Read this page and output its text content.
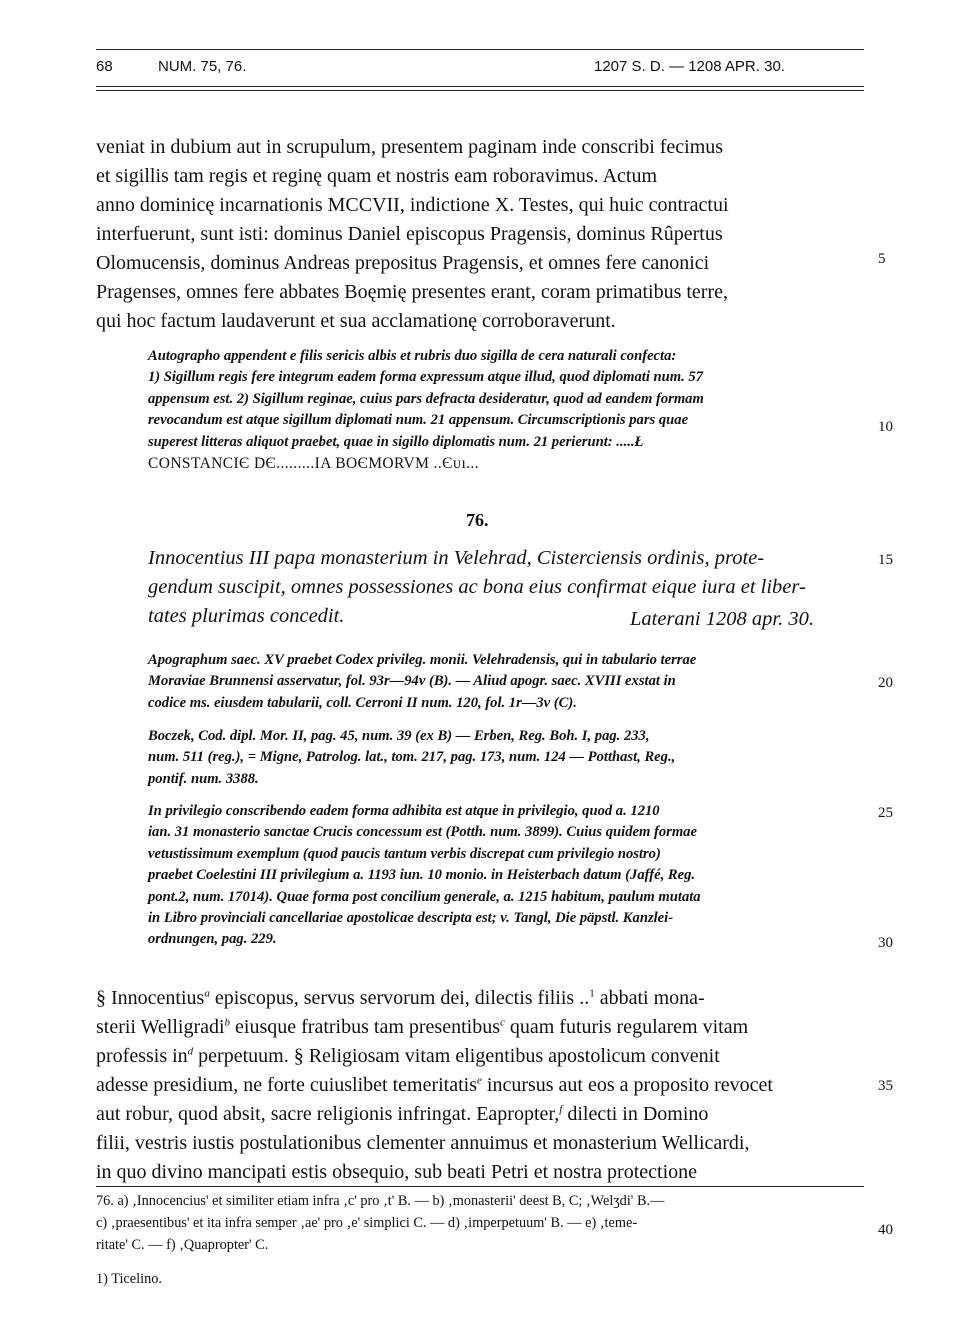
68	NUM. 75, 76.	1207 S. D. — 1208 APR. 30.
veniat in dubium aut in scrupulum, presentem paginam inde conscribi fecimus
et sigillis tam regis et reginę quam et nostris eam roboravimus. Actum
anno dominicę incarnationis MCCVII, indictione X. Testes, qui huic contractui
interfuerunt, sunt isti: dominus Daniel episcopus Pragensis, dominus Rûpertus
Olomucensis, dominus Andreas prepositus Pragensis, et omnes fere canonici
Pragenses, omnes fere abbates Boęmię presentes erant, coram primatibus terre,
qui hoc factum laudaverunt et sua acclamationę corroboraverunt.
Autographo appendent e filis sericis albis et rubris duo sigilla de cera naturali confecta:
1) Sigillum regis fere integrum eadem forma expressum atque illud, quod diplomati num. 57
appensum est. 2) Sigillum reginae, cuius pars defracta desideratur, quod ad eandem formam
revocandum est atque sigillum diplomati num. 21 appensum. Circumscriptionis pars quae
superest litteras aliquot praebet, quae in sigillo diplomatis num. 21 perierunt: .....Ł
CONSTANCIЄ DЄ.........IA BOЄMORVM ..Єᴜı...
76.
Innocentius III papa monasterium in Velehrad, Cisterciensis ordinis, prote-
gendum suscipit, omnes possessiones ac bona eius confirmat eique iura et liber-
tates plurimas concedit.	Laterani 1208 apr. 30.
Apographum saec. XV praebet Codex privileg. monii. Velehradensis, qui in tabulario terrae
Moraviae Brunnensi asservatur, fol. 93r—94v (B). — Aliud apogr. saec. XVIII exstat in
codice ms. eiusdem tabularii, coll. Cerroni II num. 120, fol. 1r—3v (C).
Boczek, Cod. dipl. Mor. II, pag. 45, num. 39 (ex B) — Erben, Reg. Boh. I, pag. 233,
num. 511 (reg.), = Migne, Patrolog. lat., tom. 217, pag. 173, num. 124 — Potthast, Reg.,
pontif. num. 3388.
In privilegio conscribendo eadem forma adhibita est atque in privilegio, quod a. 1210
ian. 31 monasterio sanctae Crucis concessum est (Potth. num. 3899). Cuius quidem formae
vetustissimum exemplum (quod paucis tantum verbis discrepat cum privilegio nostro)
praebet Coelestini III privilegium a. 1193 iun. 10 monio. in Heisterbach datum (Jaffé, Reg.
pont.2, num. 17014). Quae forma post concilium generale, a. 1215 habitum, paulum mutata
in Libro provinciali cancellariae apostolicae descripta est; v. Tangl, Die päpstl. Kanzlei-
ordnungen, pag. 229.
§ Innocentius$^a$ episcopus, servus servorum dei, dilectis filiis ..$^1$ abbati mona-
sterii Welligradi$^b$ eiusque fratribus tam presentibus$^c$ quam futuris regularem vitam
professis $in^d$ perpetuum. § Religiosam vitam eligentibus apostolicum convenit
adesse presidium, ne forte cuiuslibet temeritatis$^e$ incursus aut eos a proposito revocet
aut robur, quod absit, sacre religionis infringat. Eapropter,$^f$ dilecti in Domino
filii, vestris iustis postulationibus clementer annuimus et monasterium Wellicardi,
in quo divino mancipati estis obsequio, sub beati Petri et nostra protectione
76. a) ‚Innocencius' et similiter etiam infra ‚c' pro ‚t' B. — b) ‚monasterii' deest B, C; ‚Welʒdi' B.—
c) ‚praesentibus' et ita infra semper ‚ae' pro ‚e' simplici C. — d) ‚imperpetuum' B. — e) ‚teme-
ritate' C. — f) ‚Quapropter' C.
1) Ticelino.
5
10
15
20
25
30
35
40
